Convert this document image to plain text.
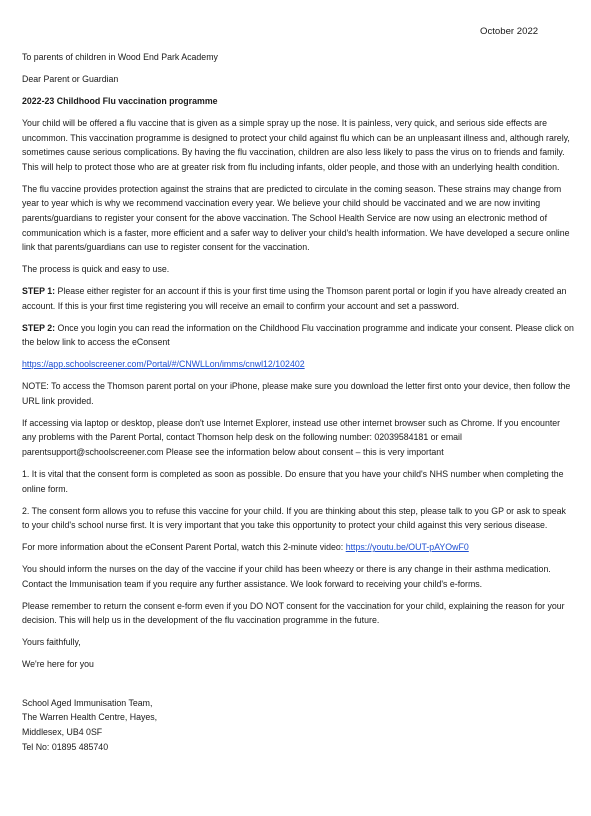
October 2022

To parents of children in Wood End Park Academy

Dear Parent or Guardian

2022-23 Childhood Flu vaccination programme

Your child will be offered a flu vaccine that is given as a simple spray up the nose. It is painless, very quick, and serious side effects are uncommon. This vaccination programme is designed to protect your child against flu which can be an unpleasant illness and, although rarely, sometimes cause serious complications. By having the flu vaccination, children are also less likely to pass the virus on to friends and family. This will help to protect those who are at greater risk from flu including infants, older people, and those with an underlying health condition.

The flu vaccine provides protection against the strains that are predicted to circulate in the coming season. These strains may change from year to year which is why we recommend vaccination every year. We believe your child should be vaccinated and we are now inviting parents/guardians to register your consent for the above vaccination. The School Health Service are now using an electronic method of communication which is a faster, more efficient and a safer way to deliver your child's health information. We have developed a secure online link that parents/guardians can use to register consent for the vaccination.

The process is quick and easy to use.

STEP 1: Please either register for an account if this is your first time using the Thomson parent portal or login if you have already created an account. If this is your first time registering you will receive an email to confirm your account and set a password.

STEP 2: Once you login you can read the information on the Childhood Flu vaccination programme and indicate your consent. Please click on the below link to access the eConsent

https://app.schoolscreener.com/Portal/#/CNWLLon/imms/cnwl12/102402

NOTE: To access the Thomson parent portal on your iPhone, please make sure you download the letter first onto your device, then follow the URL link provided.

If accessing via laptop or desktop, please don't use Internet Explorer, instead use other internet browser such as Chrome. If you encounter any problems with the Parent Portal, contact Thomson help desk on the following number: 02039584181 or email parentsupport@schoolscreener.com Please see the information below about consent – this is very important

1. It is vital that the consent form is completed as soon as possible. Do ensure that you have your child's NHS number when completing the online form.

2. The consent form allows you to refuse this vaccine for your child. If you are thinking about this step, please talk to you GP or ask to speak to your child's school nurse first. It is very important that you take this opportunity to protect your child against this very serious disease.

For more information about the eConsent Parent Portal, watch this 2-minute video: https://youtu.be/OUT-pAYOwF0

You should inform the nurses on the day of the vaccine if your child has been wheezy or there is any change in their asthma medication. Contact the Immunisation team if you require any further assistance. We look forward to receiving your child's e-forms.

Please remember to return the consent e-form even if you DO NOT consent for the vaccination for your child, explaining the reason for your decision. This will help us in the development of the flu vaccination programme in the future.

Yours faithfully,

We're here for you

School Aged Immunisation Team,
The Warren Health Centre, Hayes,
Middlesex, UB4 0SF
Tel No: 01895 485740
